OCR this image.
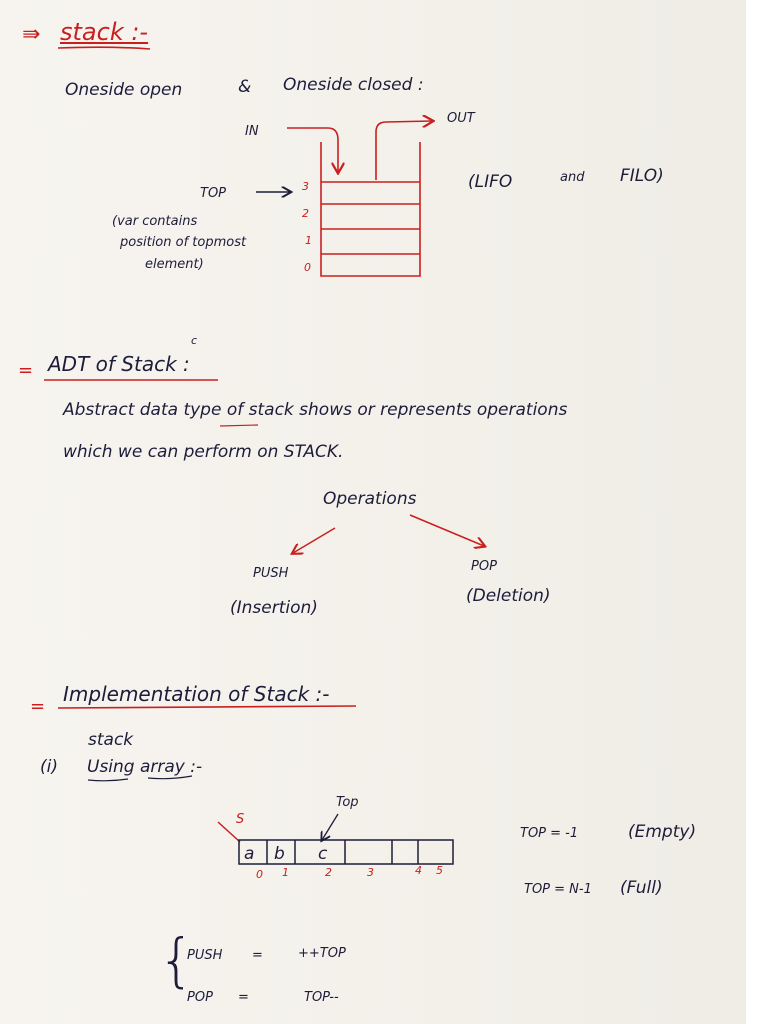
⇛ stack :-
Oneside open	& Oneside closed :
IN
OUT
TOP	3
2
1
0
(var contains
position of topmost
element)
(LIFO	and FILO)
= ADT of Stack :
c
Abstract data type of stack shows or represents operations
which we can perform on STACK.
Operations
PUSH
(Insertion)
POP
(Deletion)
=
Implementation of Stack :-
stack
(i) Using array :-
S
Top
a b c
0 1	2	3	4 5
TOP = -1	(Empty)
TOP = N-1 (Full)
{
PUSH =	++TOP
POP =	TOP--
